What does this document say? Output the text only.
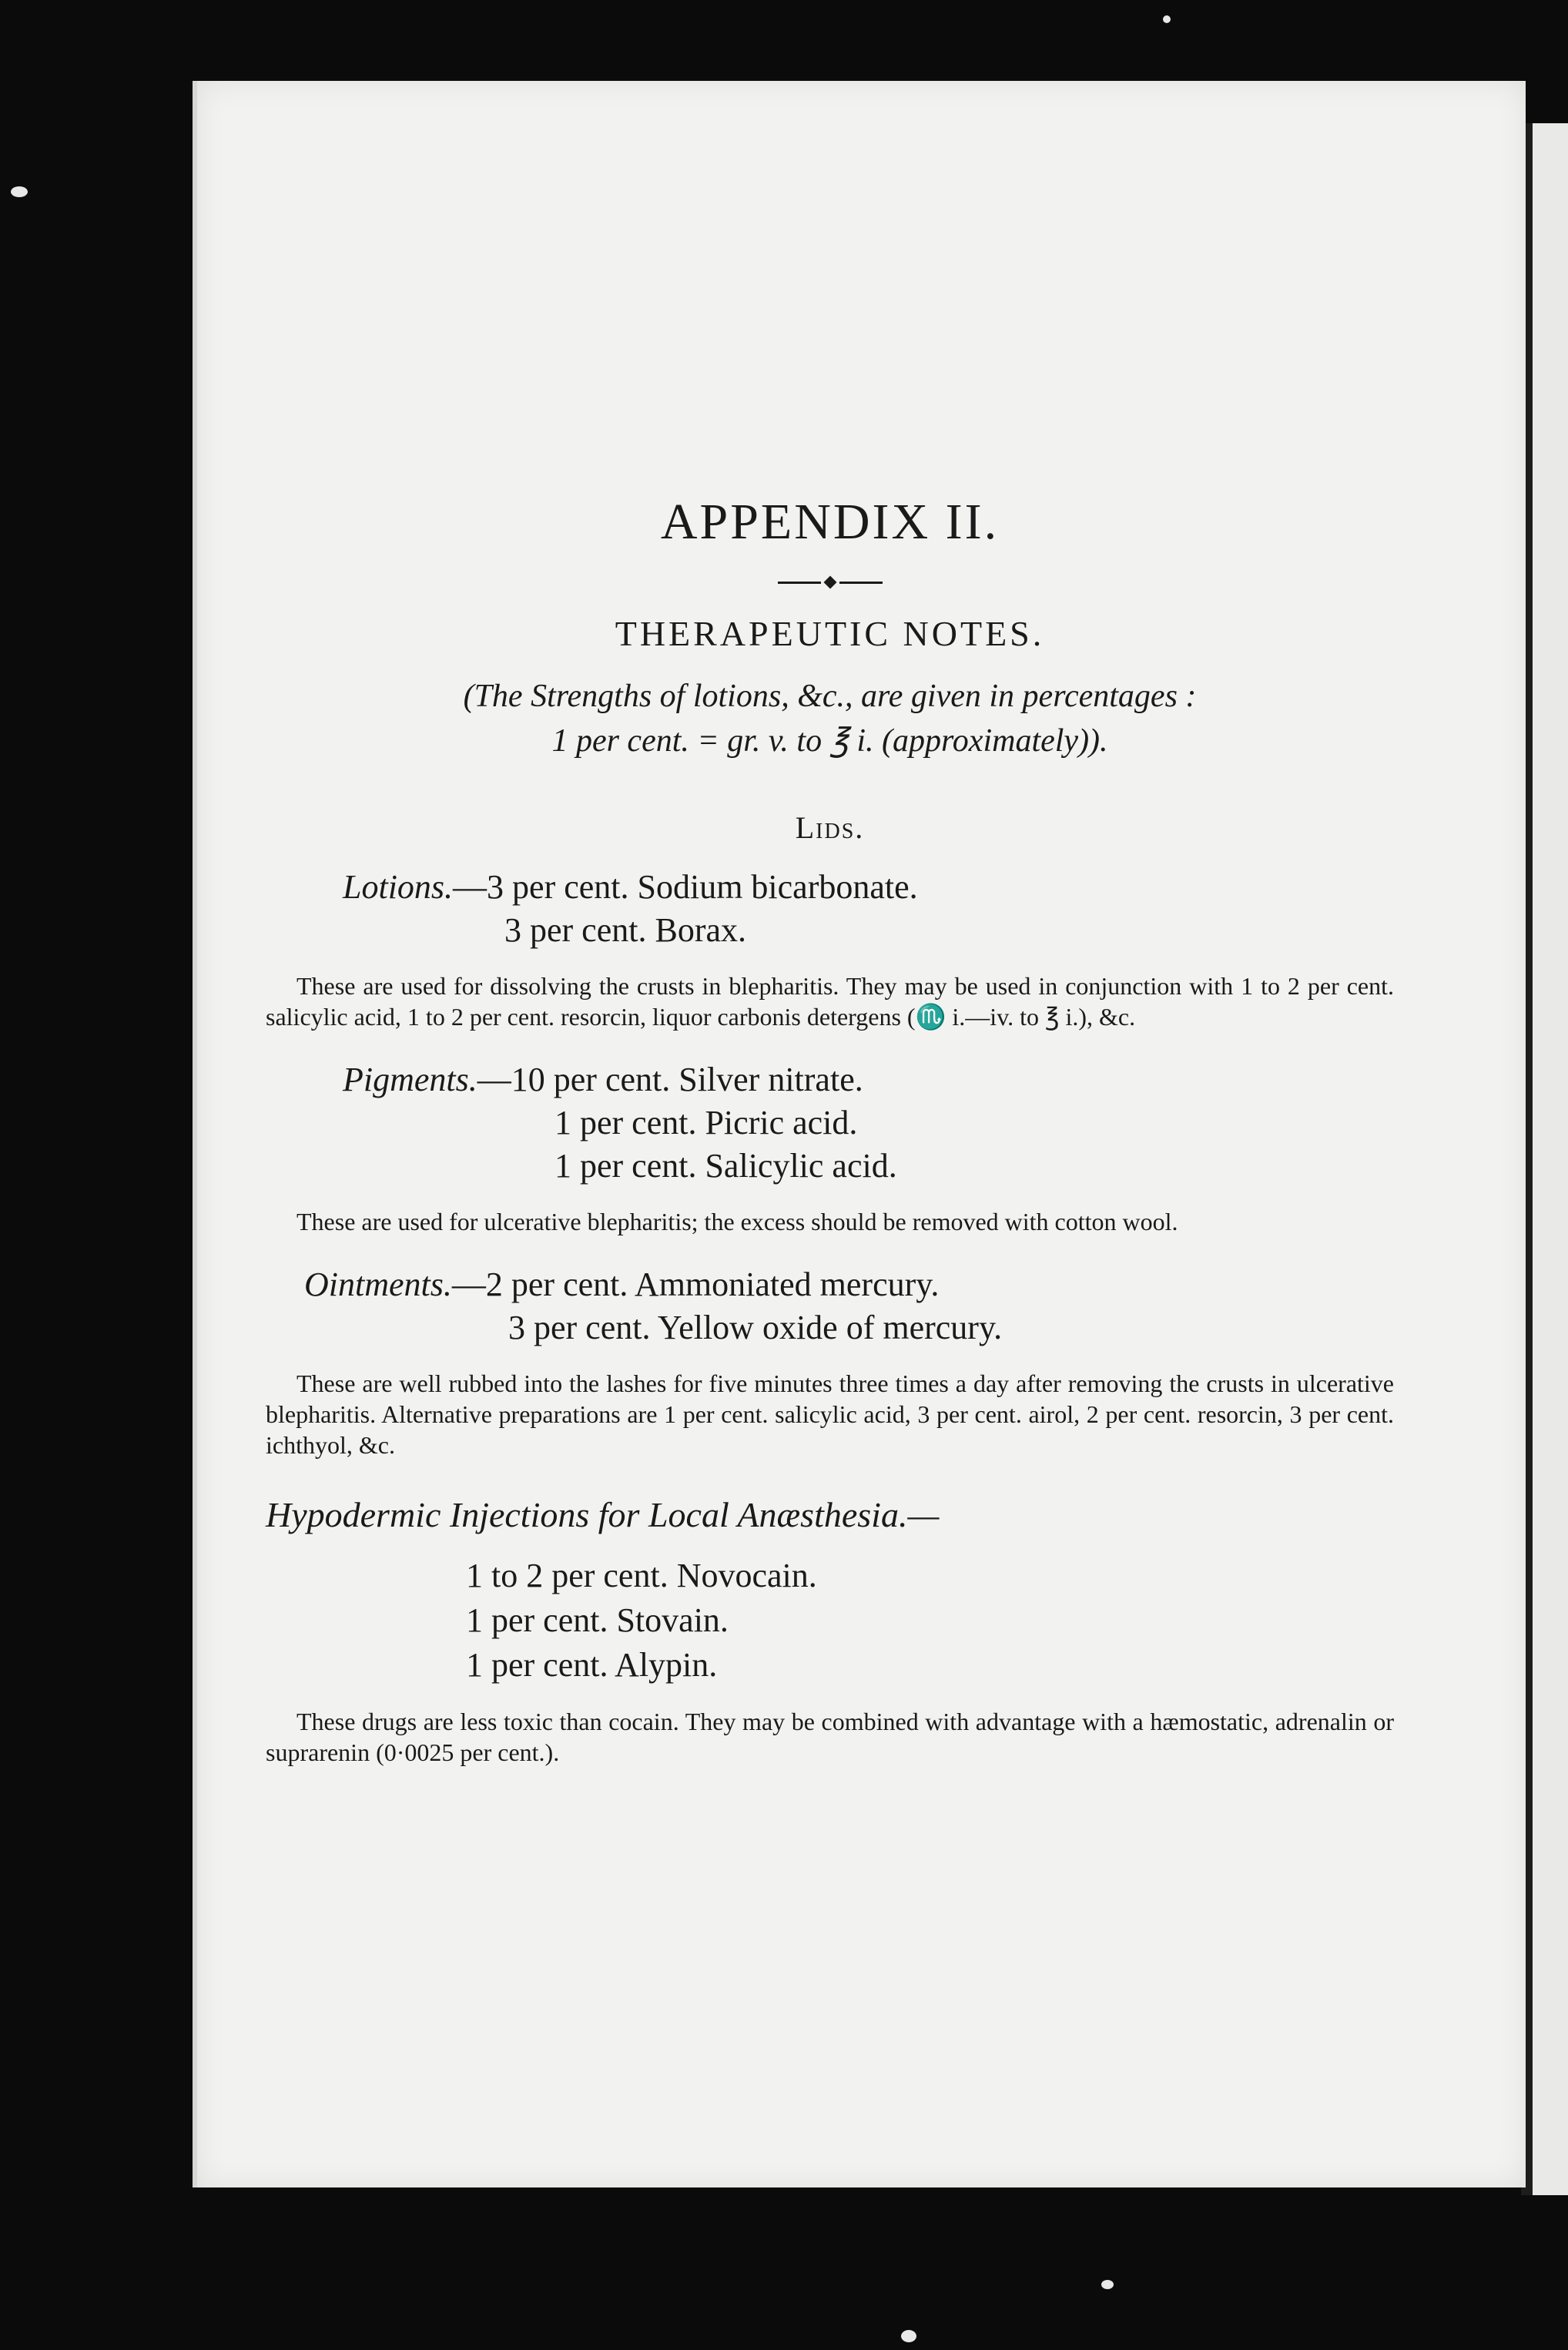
APPENDIX II.
THERAPEUTIC NOTES.
(The Strengths of lotions, &c., are given in percentages :
1 per cent. = gr. v. to ℥ i. (approximately)).
Lids.
Lotions. —3 per cent. Sodium bicarbonate.
3 per cent. Borax.

These are used for dissolving the crusts in blepharitis. They may be used in conjunction with 1 to 2 per cent. salicylic acid, 1 to 2 per cent. resorcin, liquor carbonis detergens (♏ i.—iv. to ℥ i.), &c.

Pigments. —10 per cent. Silver nitrate.
1 per cent. Picric acid.
1 per cent. Salicylic acid.

These are used for ulcerative blepharitis; the excess should be removed with cotton wool.

Ointments. —2 per cent. Ammoniated mercury.
3 per cent. Yellow oxide of mercury.

These are well rubbed into the lashes for five minutes three times a day after removing the crusts in ulcerative blepharitis. Alternative preparations are 1 per cent. salicylic acid, 3 per cent. airol, 2 per cent. resorcin, 3 per cent. ichthyol, &c.

Hypodermic Injections for Local Anæsthesia.—
1 to 2 per cent. Novocain.
1 per cent. Stovain.
1 per cent. Alypin.

These drugs are less toxic than cocain. They may be combined with advantage with a hæmostatic, adrenalin or suprarenin (0·0025 per cent.).
